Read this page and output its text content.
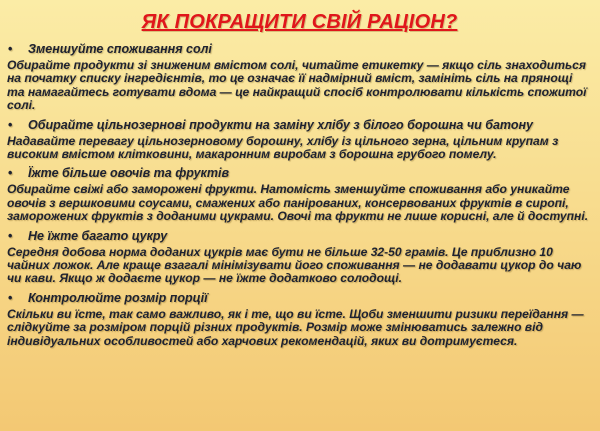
ЯК ПОКРАЩИТИ СВІЙ РАЦІОН?
•	Зменшуйте споживання солі

Обирайте продукти зі зниженим вмістом солі, читайте етикетку — якщо сіль знаходиться на початку списку інгредієнтів, то це означає її надмірний вміст, замініть сіль на прянощі та намагайтесь готувати вдома — це найкращий спосіб контролювати кількість спожитої солі.

•	Обирайте цільнозернові продукти на заміну хлібу з білого борошна чи батону

Надавайте перевагу цільнозерновому борошну, хлібу із цільного зерна, цільним крупам з високим вмістом клітковини, макаронним виробам з борошна грубого помелу.

•	Їжте більше овочів та фруктів

Обирайте свіжі або заморожені фрукти. Натомість зменшуйте споживання або уникайте овочів з вершковими соусами, смажених або панірованих, консервованих фруктів в сиропі, заморожених фруктів з доданими цукрами. Овочі та фрукти не лише корисні, але й доступні.

•	Не їжте багато цукру

Середня добова норма доданих цукрів має бути не більше 32-50 грамів. Це приблизно 10 чайних ложок. Але краще взагалі мінімізувати його споживання — не додавати цукор до чаю чи кави. Якщо ж додаєте цукор — не їжте додатково солодощі.

•	Контролюйте розмір порції

Скільки ви їсте, так само важливо, як і те, що ви їсте. Щоби зменшити ризики переїдання — слідкуйте за розміром порцій різних продуктів. Розмір може змінюватись залежно від індивідуальних особливостей або харчових рекомендацій, яких ви дотримуєтеся.
